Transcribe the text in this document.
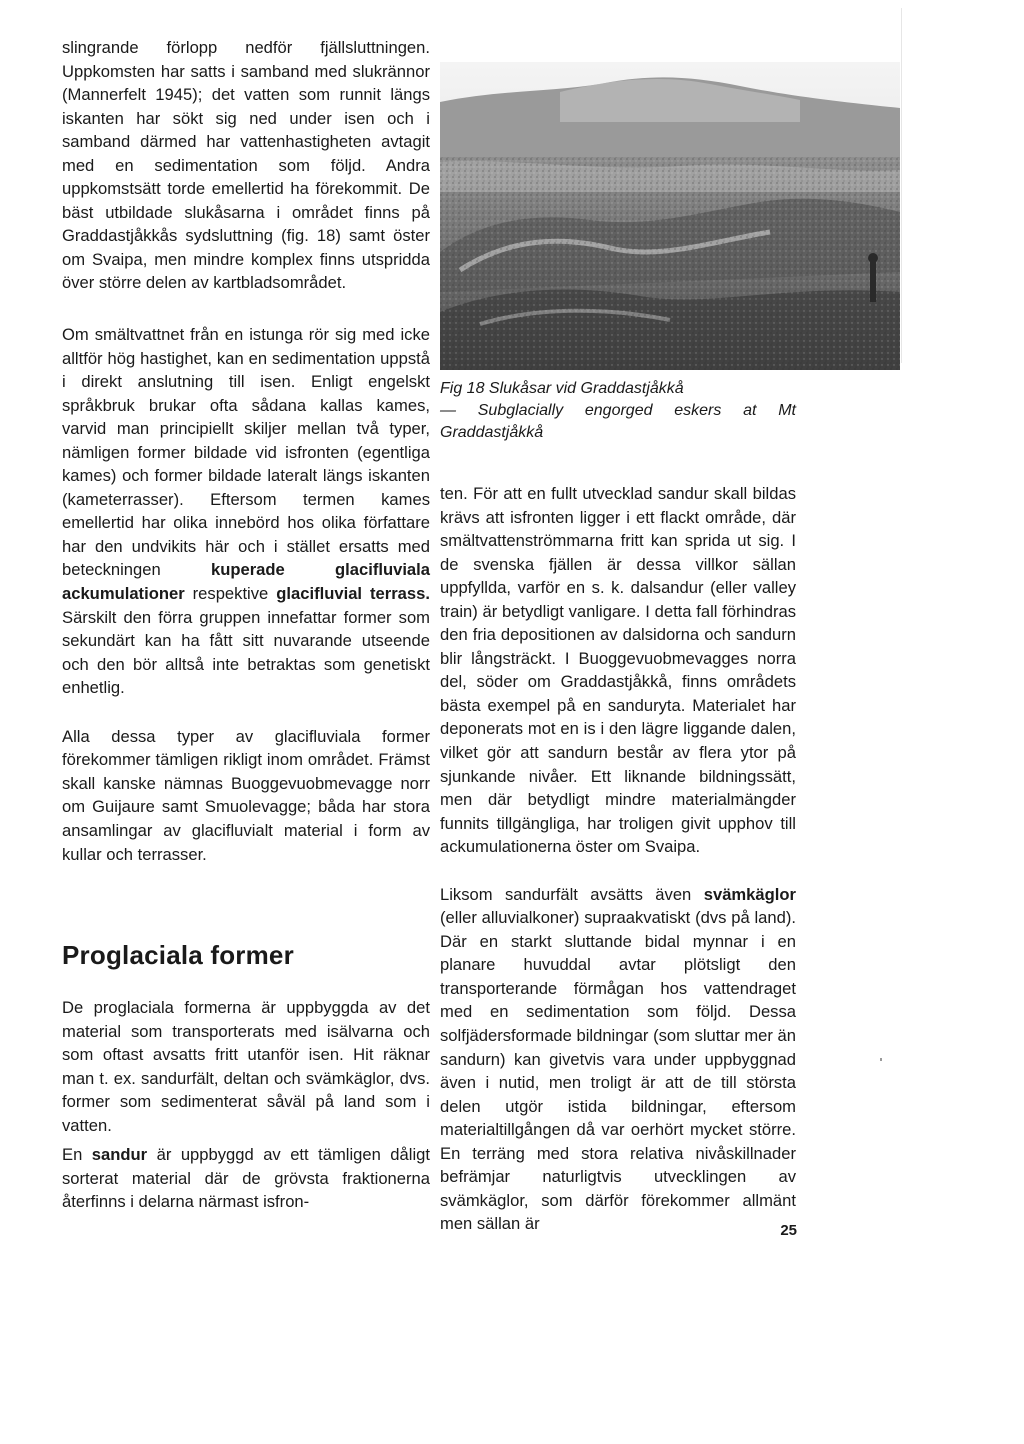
slingrande förlopp nedför fjällsluttningen. Uppkomsten har satts i samband med slukrännor (Mannerfelt 1945); det vatten som runnit längs iskanten har sökt sig ned under isen och i samband därmed har vattenhastigheten avtagit med en sedimentation som följd. Andra uppkomstsätt torde emellertid ha förekommit. De bäst utbildade slukåsarna i området finns på Graddastjåkkås sydsluttning (fig. 18) samt öster om Svaipa, men mindre komplex finns utspridda över större delen av kartbladsområdet.

Om smältvattnet från en istunga rör sig med icke alltför hög hastighet, kan en sedimentation uppstå i direkt anslutning till isen. Enligt engelskt språkbruk brukar ofta sådana kallas kames, varvid man principiellt skiljer mellan två typer, nämligen former bildade vid isfronten (egentliga kames) och former bildade lateralt längs iskanten (kameterrasser). Eftersom termen kames emellertid har olika innebörd hos olika författare har den undvikits här och i stället ersatts med beteckningen	kuperade glacifluviala ackumulationer respektive glacifluvial terrass. Särskilt den förra gruppen innefattar former som sekundärt kan ha fått sitt nuvarande utseende och den bör alltså inte betraktas som genetiskt enhetlig.

Alla dessa typer av glacifluviala former förekommer tämligen rikligt inom området. Främst skall kanske nämnas Buoggevuobmevagge norr om Guijaure samt Smuolevagge; båda har stora ansamlingar av glacifluvialt material i form av kullar och terrasser.

Proglaciala former

De proglaciala formerna är uppbyggda av det material som transporterats med isälvarna och som oftast avsatts fritt utanför isen. Hit räknar man t. ex. sandurfält, deltan och svämkäglor, dvs. former som sedimenterat såväl på land som i vatten.

En sandur är uppbyggd av ett tämligen dåligt sorterat material där de grövsta fraktionerna återfinns i delarna närmast isfron-

Fig 18 Slukåsar vid Graddastjåkkå

— Subglacially engorged eskers at Mt Graddastjåkkå

ten. För att en fullt utvecklad sandur skall bildas krävs att isfronten ligger i ett flackt område, där smältvattenströmmarna fritt kan sprida ut sig. I de svenska fjällen är dessa villkor sällan uppfyllda, varför en s. k. dalsandur (eller valley train) är betydligt vanligare. I detta fall förhindras den fria depositionen av dalsidorna och sandurn blir långsträckt. I Buoggevuobmevagges norra del, söder om Graddastjåkkå, finns områdets bästa exempel på en sanduryta. Materialet har deponerats mot en is i den lägre liggande dalen, vilket gör att sandurn består av flera ytor på sjunkande nivåer. Ett liknande bildningssätt, men där betydligt mindre materialmängder funnits tillgängliga, har troligen givit upphov till ackumulationerna öster om Svaipa.

Liksom sandurfält avsätts även svämkäglor (eller alluvialkoner) supraakvatiskt (dvs på land). Där en starkt sluttande bidal mynnar i en planare huvuddal avtar plötsligt den transporterande förmågan hos vattendraget med en sedimentation som följd. Dessa solfjädersformade bildningar (som sluttar mer än sandurn) kan givetvis vara under uppbyggnad även i nutid, men troligt är att de till största delen utgör istida bildningar, eftersom materialtillgången då var oerhört mycket större. En terräng med stora relativa nivåskillnader befrämjar naturligtvis utvecklingen av svämkäglor, som därför förekommer allmänt men sällan är	25
